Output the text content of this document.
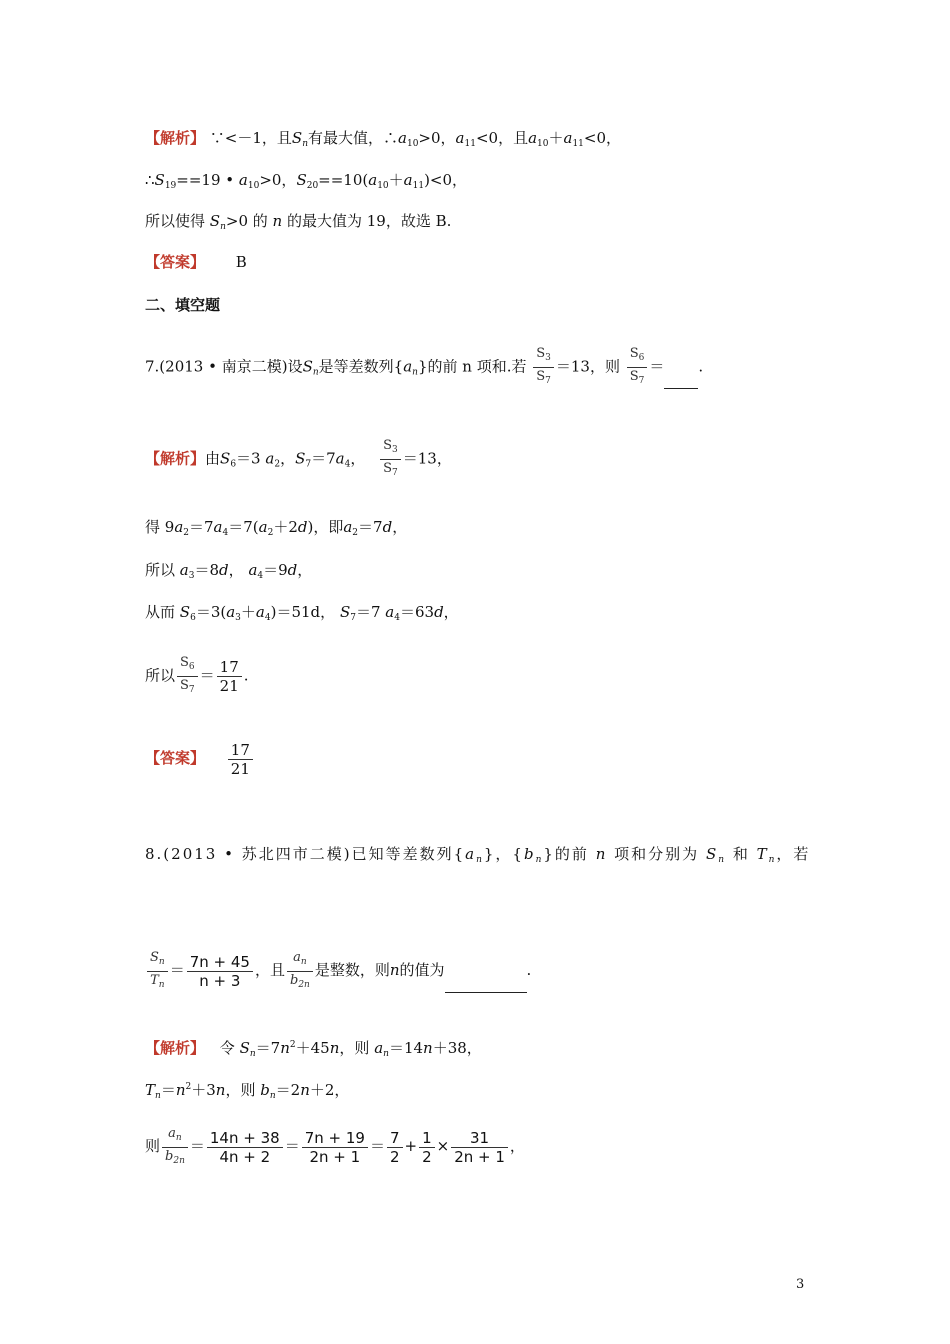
【解析】 ∵<－1，且$S_n$有最大值，$\therefore a_{10}>0$，$a_{11}<0$，且$a_{10}+a_{11}<0$，
$\therefore S_{19}==19$ • $a_{10}>0$，$S_{20}==10(a_{10}+a_{11})<0$，
所以使得 $S_n>0$ 的 n 的最大值为 19，故选 B.
【答案】 B
二、填空题
7.(2013 • 南京二模)设$S_n$是等差数列$\{a_n\}$的前 n 项和.若 $\frac{S_3}{S_7} =13$，则 $\frac{S_6}{S_7}$ ＝ .
【解析】由$S_6=3$ $a_2$，$S_7=7a_4$， $\frac{S_3}{S_7} =13$，
得 $9a_2=7a_4=7(a_2+2d)$，即$a_2=7d$，
所以 $a_3=8d$， $a_4=9d$，
从而 $S_6=3(a_3+a_4)=51d$， $S_7=7$ $a_4=63d$，
所以 $\frac{S_6}{S_7} = \frac{17}{21}$ .
【答案】 $\frac{17}{21}$
8.(2013 • 苏北四市二模)已知等差数列$\{a_n\}$，$\{b_n\}$的前 n 项和分别为 $S_n$ 和 $T_n$，若
$\frac{S_n}{T_n} = \frac{7n + 45}{n + 3}$ ，且 $\frac{a_n}{b_{2n}}$ 是整数，则n的值为	.
【解析】 令 $S_n=7n^2+45n$，则 $a_n=14n+38$，
$T_n=n^2+3n$，则 $b_n=2n+2$，
则 $\frac{a_n}{b_{2n}} = \frac{14n + 38}{4n + 2} = \frac{7n + 19}{2n + 1} = \frac{7}{2} + \frac{1}{2} \times \frac{31}{2n + 1}$ ，
3
